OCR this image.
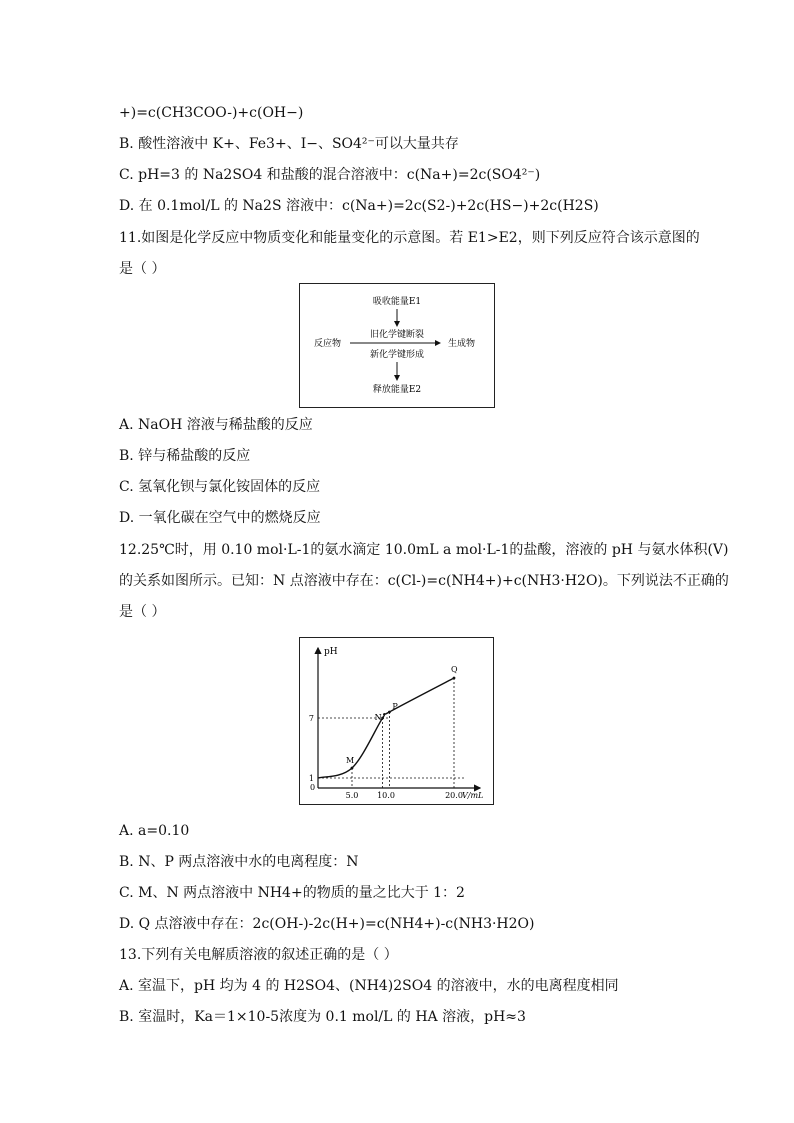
+)=c(CH3COO-)+c(OH−)
B. 酸性溶液中 K+、Fe3+、I−、SO4²⁻可以大量共存
C. pH=3 的 Na2SO4 和盐酸的混合溶液中：c(Na+)=2c(SO4²⁻)
D. 在 0.1mol/L 的 Na2S 溶液中：c(Na+)=2c(S2-)+2c(HS−)+2c(H2S)
11.如图是化学反应中物质变化和能量变化的示意图。若 E1>E2，则下列反应符合该示意图的
是（ ）
吸收能量E1
旧化学键断裂
反应物	生成物
新化学键形成
释放能量E2
A. NaOH 溶液与稀盐酸的反应
B. 锌与稀盐酸的反应
C. 氢氧化钡与氯化铵固体的反应
D. 一氧化碳在空气中的燃烧反应
12.25℃时，用 0.10 mol·L-1的氨水滴定 10.0mL a mol·L-1的盐酸，溶液的 pH 与氨水体积(V)
的关系如图所示。已知：N 点溶液中存在：c(Cl-)=c(NH4+)+c(NH3·H2O)。下列说法不正确的
是（ ）
pH
V/mL
0
5.0 10.0	20.0
1
7
M
N
P
Q
A. a=0.10
B. N、P 两点溶液中水的电离程度：N
C. M、N 两点溶液中 NH4+的物质的量之比大于 1：2
D. Q 点溶液中存在：2c(OH-)-2c(H+)=c(NH4+)-c(NH3·H2O)
13.下列有关电解质溶液的叙述正确的是（ ）
A. 室温下，pH 均为 4 的 H2SO4、(NH4)2SO4 的溶液中，水的电离程度相同
B. 室温时，Ka＝1×10-5浓度为 0.1 mol/L 的 HA 溶液，pH≈3
